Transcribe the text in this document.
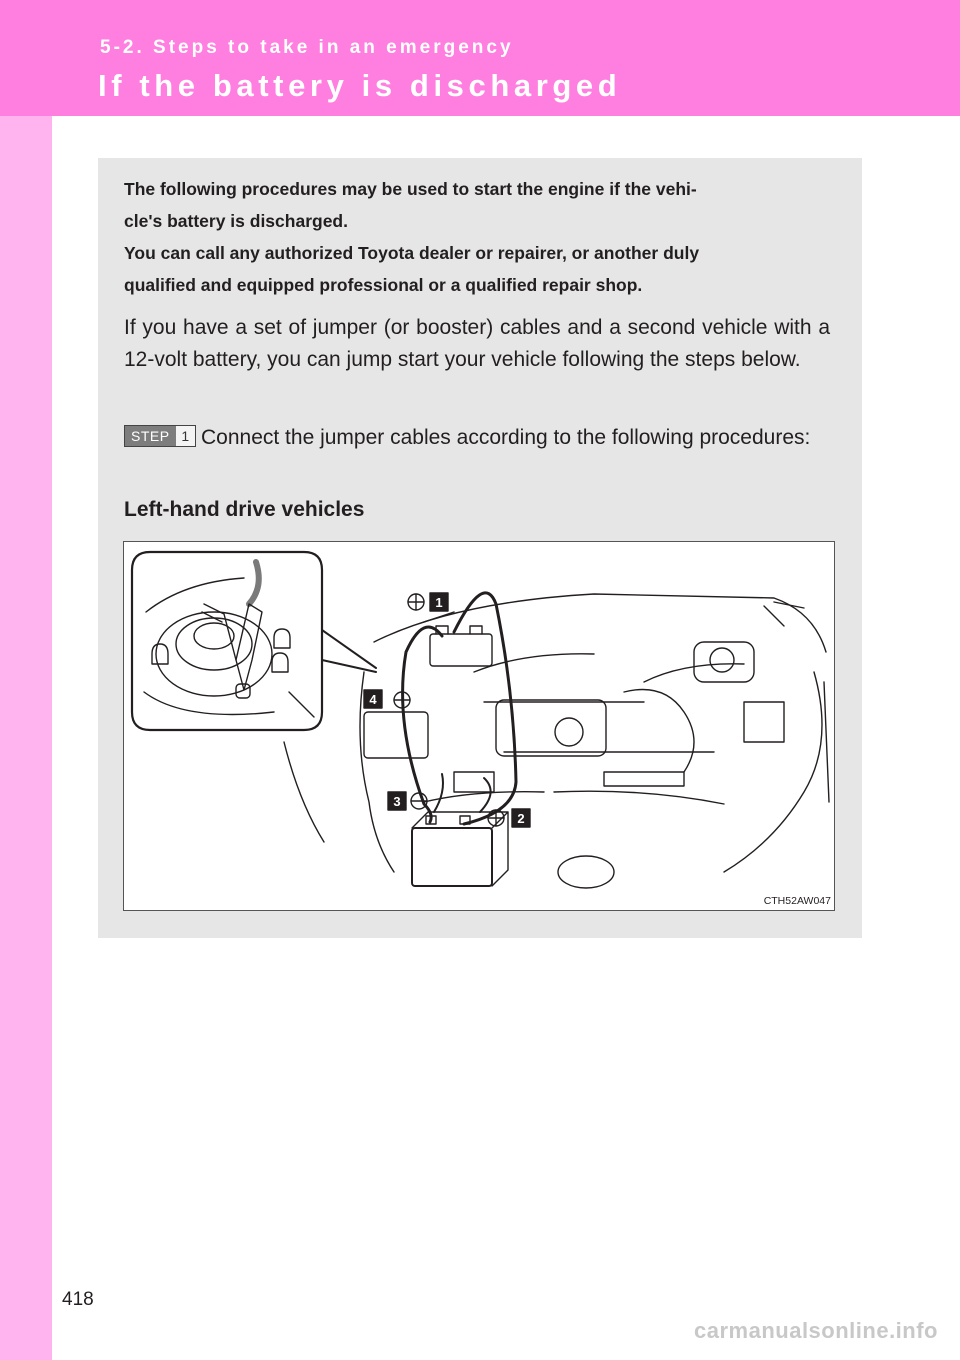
5-2. Steps to take in an emergency

If the battery is discharged
The following procedures may be used to start the engine if the vehi-
cle's battery is discharged.
You can call any authorized Toyota dealer or repairer, or another duly
qualified and equipped professional or a qualified repair shop.

If you have a set of jumper (or booster) cables and a second vehicle with a 12-volt battery, you can jump start your vehicle following the steps below.

STEP 1 Connect the jumper cables according to the following procedures:

Left-hand drive vehicles
1
2
3
4
CTH52AW047

418

carmanualsonline.info
